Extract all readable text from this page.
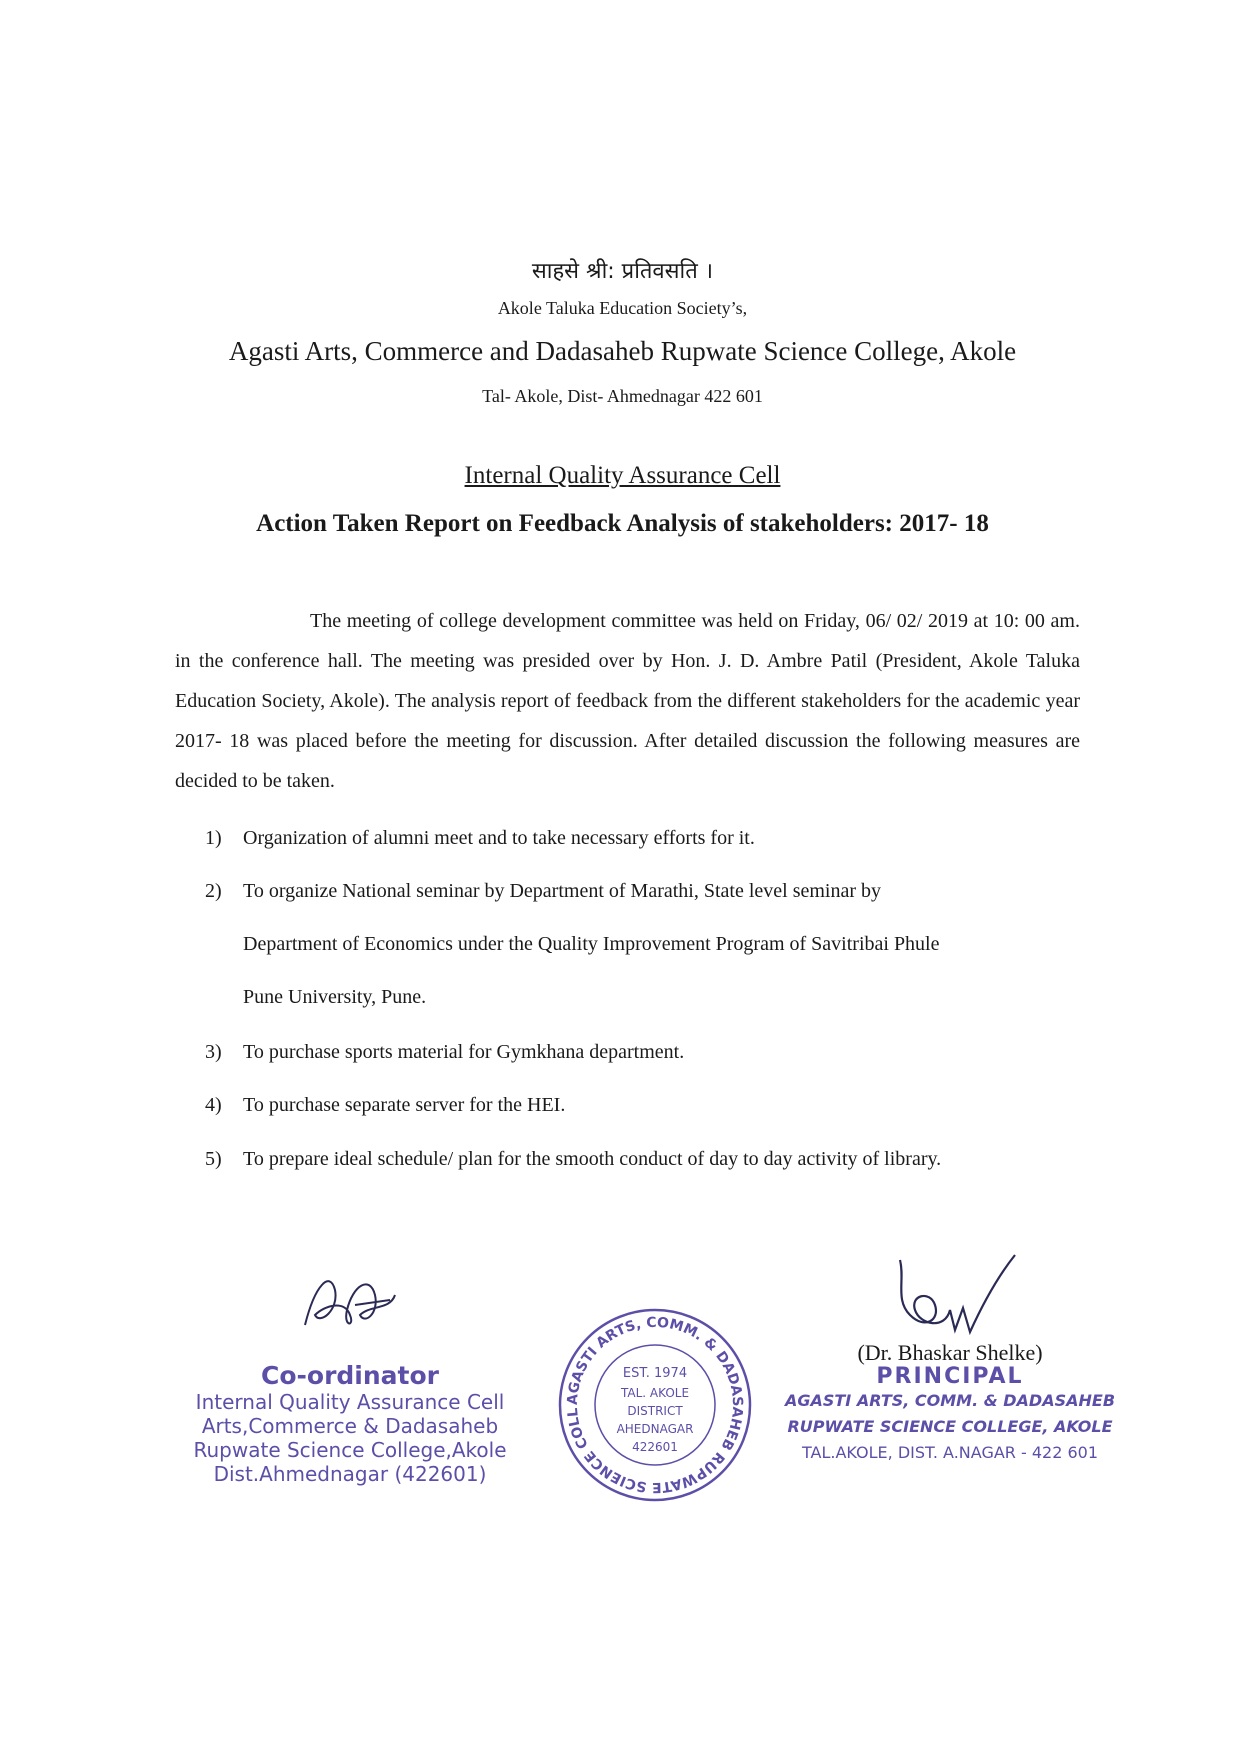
साहसे श्री: प्रतिवसति ।
Akole Taluka Education Society’s,
Agasti Arts, Commerce and Dadasaheb Rupwate Science College, Akole
Tal- Akole, Dist- Ahmednagar 422 601
Internal Quality Assurance Cell
Action Taken Report on Feedback Analysis of stakeholders: 2017- 18

The meeting of college development committee was held on Friday, 06/ 02/ 2019 at 10: 00 am. in the conference hall. The meeting was presided over by Hon. J. D. Ambre Patil (President, Akole Taluka Education Society, Akole). The analysis report of feedback from the different stakeholders for the academic year 2017- 18 was placed before the meeting for discussion. After detailed discussion the following measures are decided to be taken.

1)	Organization of alumni meet and to take necessary efforts for it.
2)	To organize National seminar by Department of Marathi, State level seminar by
Department of Economics under the Quality Improvement Program of Savitribai Phule
Pune University, Pune.
3)	To purchase sports material for Gymkhana department.
4)	To purchase separate server for the HEI.
5)	To prepare ideal schedule/ plan for the smooth conduct of day to day activity of library.
Co-ordinator
Internal Quality Assurance Cell
Arts,Commerce & Dadasaheb
Rupwate Science College,Akole
Dist.Ahmednagar (422601)
AGASTI ARTS, COMM. & DADASAHEB RUPWATE SCIENCE COLLEGE
EST. 1974
TAL. AKOLE
DISTRICT
AHEDNAGAR
422601
(Dr. Bhaskar Shelke)
PRINCIPAL
AGASTI ARTS, COMM. & DADASAHEB
RUPWATE SCIENCE COLLEGE, AKOLE
TAL.AKOLE, DIST. A.NAGAR - 422 601
